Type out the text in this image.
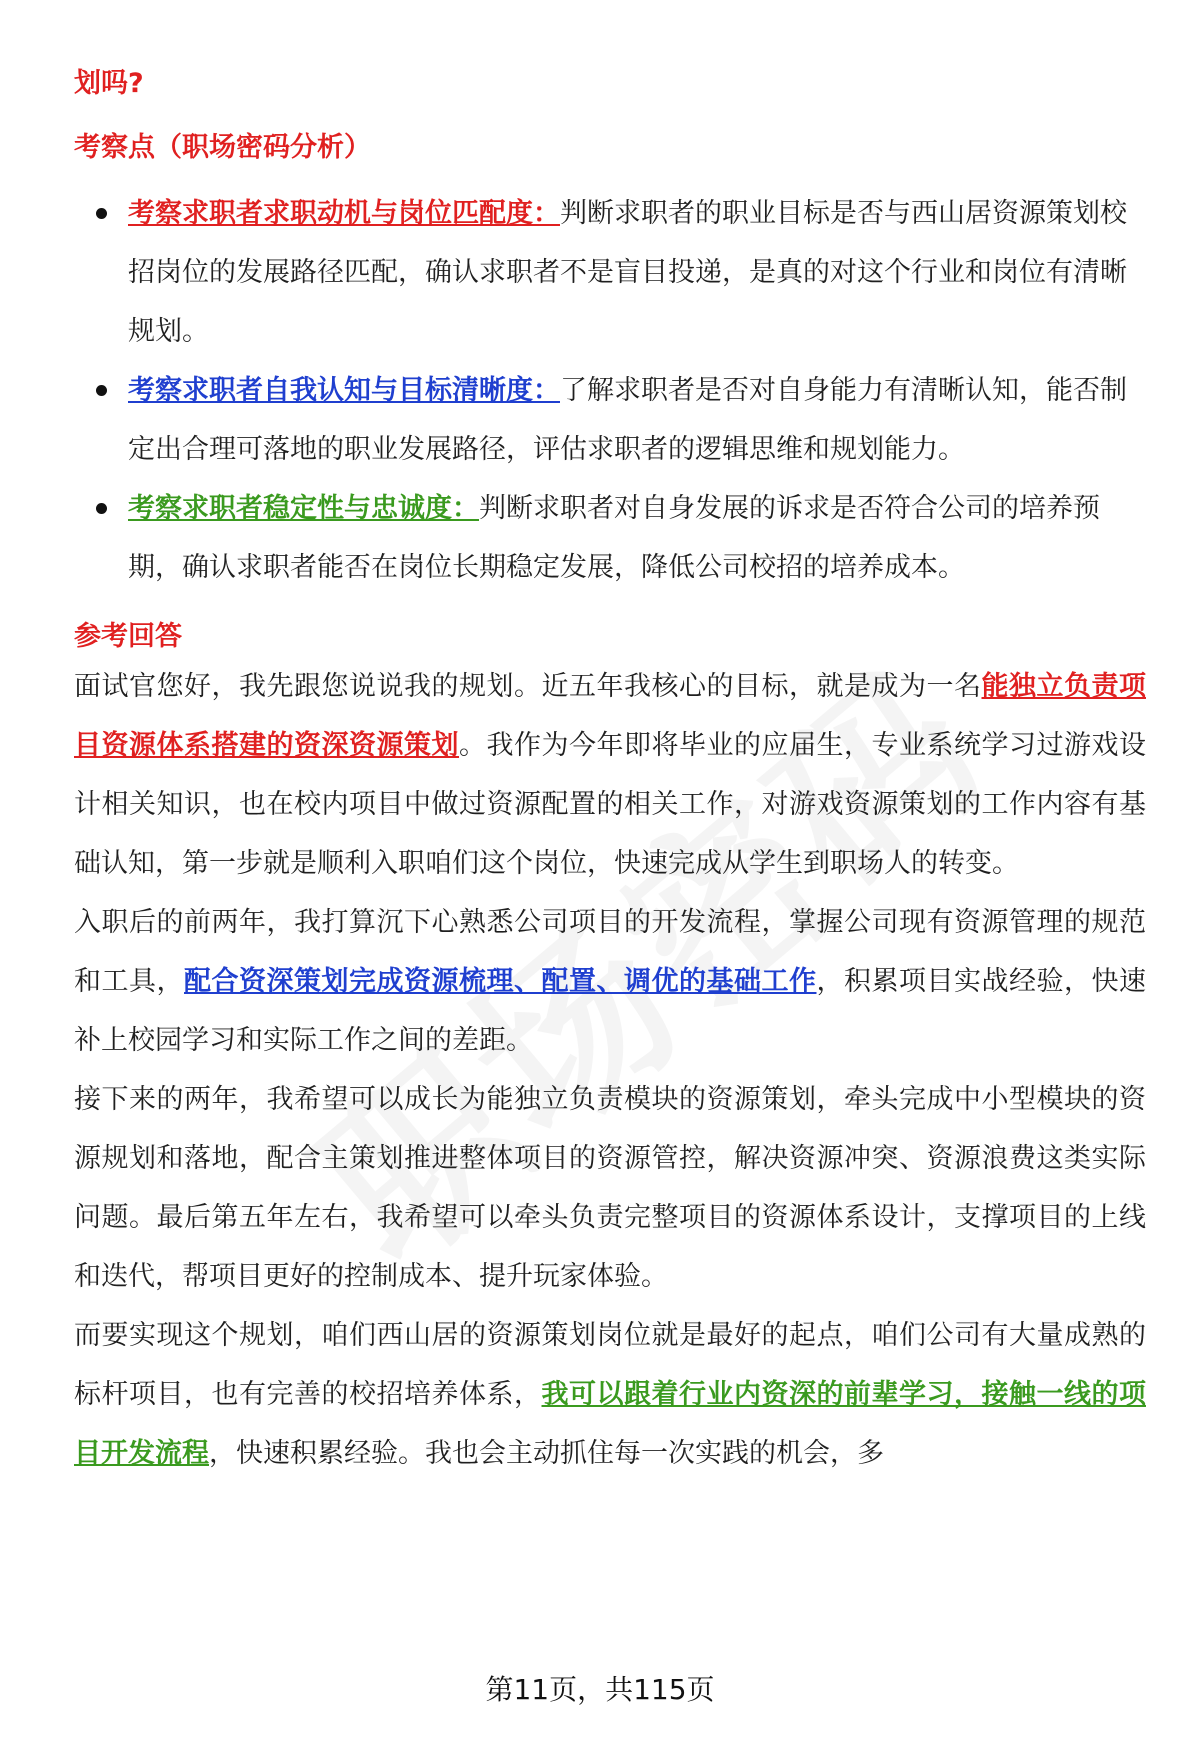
划吗?
考察点（职场密码分析）
考察求职者求职动机与岗位匹配度：判断求职者的职业目标是否与西山居资源策划校招岗位的发展路径匹配，确认求职者不是盲目投递，是真的对这个行业和岗位有清晰规划。
考察求职者自我认知与目标清晰度：了解求职者是否对自身能力有清晰认知，能否制定出合理可落地的职业发展路径，评估求职者的逻辑思维和规划能力。
考察求职者稳定性与忠诚度：判断求职者对自身发展的诉求是否符合公司的培养预期，确认求职者能否在岗位长期稳定发展，降低公司校招的培养成本。
参考回答

面试官您好，我先跟您说说我的规划。近五年我核心的目标，就是成为一名能独立负责项目资源体系搭建的资深资源策划。我作为今年即将毕业的应届生，专业系统学习过游戏设计相关知识，也在校内项目中做过资源配置的相关工作，对游戏资源策划的工作内容有基础认知，第一步就是顺利入职咱们这个岗位，快速完成从学生到职场人的转变。

入职后的前两年，我打算沉下心熟悉公司项目的开发流程，掌握公司现有资源管理的规范和工具，配合资深策划完成资源梳理、配置、调优的基础工作，积累项目实战经验，快速补上校园学习和实际工作之间的差距。

接下来的两年，我希望可以成长为能独立负责模块的资源策划，牵头完成中小型模块的资源规划和落地，配合主策划推进整体项目的资源管控，解决资源冲突、资源浪费这类实际问题。最后第五年左右，我希望可以牵头负责完整项目的资源体系设计，支撑项目的上线和迭代，帮项目更好的控制成本、提升玩家体验。

而要实现这个规划，咱们西山居的资源策划岗位就是最好的起点，咱们公司有大量成熟的标杆项目，也有完善的校招培养体系，我可以跟着行业内资深的前辈学习，接触一线的项目开发流程，快速积累经验。我也会主动抓住每一次实践的机会，多

第11页，共115页
